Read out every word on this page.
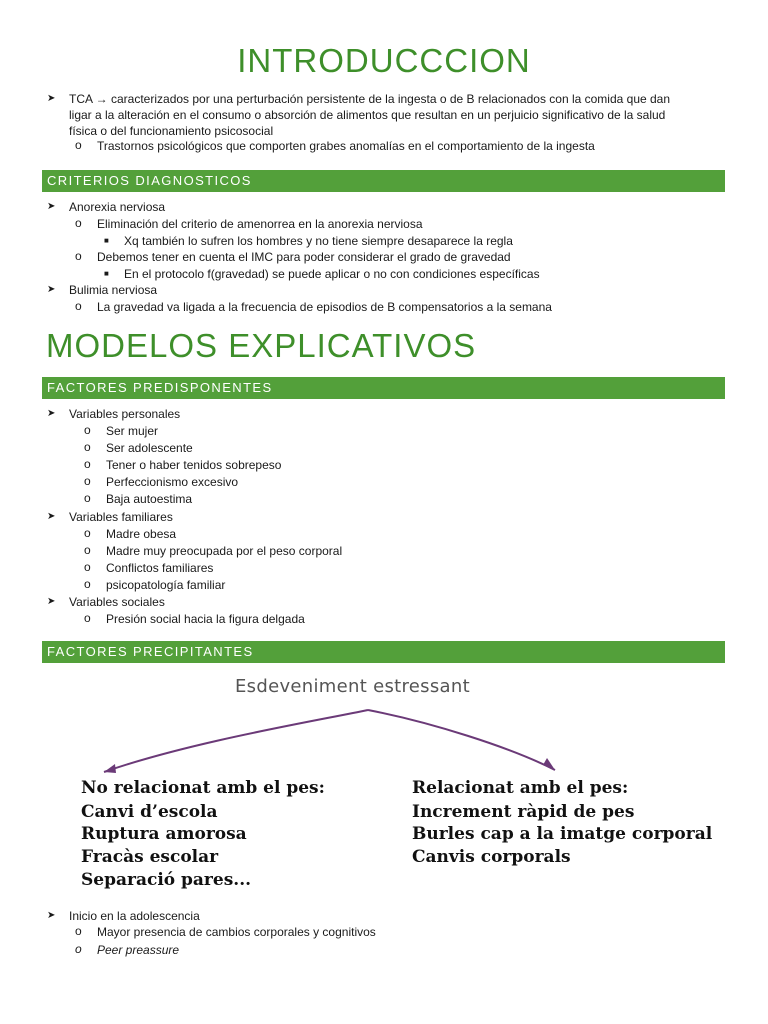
INTRODUCCCION
➤ TCA → caracterizados por una perturbación persistente de la ingesta o de B relacionados con la comida que dan
ligar a la alteración en el consumo o absorción de alimentos que resultan en un perjuicio significativo de la salud
física o del funcionamiento psicosocial
o Trastornos psicológicos que comporten grabes anomalías en el comportamiento de la ingesta
CRITERIOS DIAGNOSTICOS
➤ Anorexia nerviosa
o Eliminación del criterio de amenorrea en la anorexia nerviosa
■ Xq también lo sufren los hombres y no tiene siempre desaparece la regla
o Debemos tener en cuenta el IMC para poder considerar el grado de gravedad
■ En el protocolo f(gravedad) se puede aplicar o no con condiciones específicas
➤ Bulimia nerviosa
o La gravedad va ligada a la frecuencia de episodios de B compensatorios a la semana
MODELOS EXPLICATIVOS
FACTORES PREDISPONENTES
➤ Variables personales
o Ser mujer
o Ser adolescente
o Tener o haber tenidos sobrepeso
o Perfeccionismo excesivo
o Baja autoestima
➤ Variables familiares
o Madre obesa
o Madre muy preocupada por el peso corporal
o Conflictos familiares
o psicopatología familiar
➤ Variables sociales
o Presión social hacia la figura delgada
FACTORES PRECIPITANTES
Esdeveniment estressant
No relacionat amb el pes:
Canvi d’escola
Ruptura amorosa
Fracàs escolar
Separació pares...
Relacionat amb el pes:
Increment ràpid de pes
Burles cap a la imatge corporal
Canvis corporals
➤ Inicio en la adolescencia
o Mayor presencia de cambios corporales y cognitivos
o Peer preassure
